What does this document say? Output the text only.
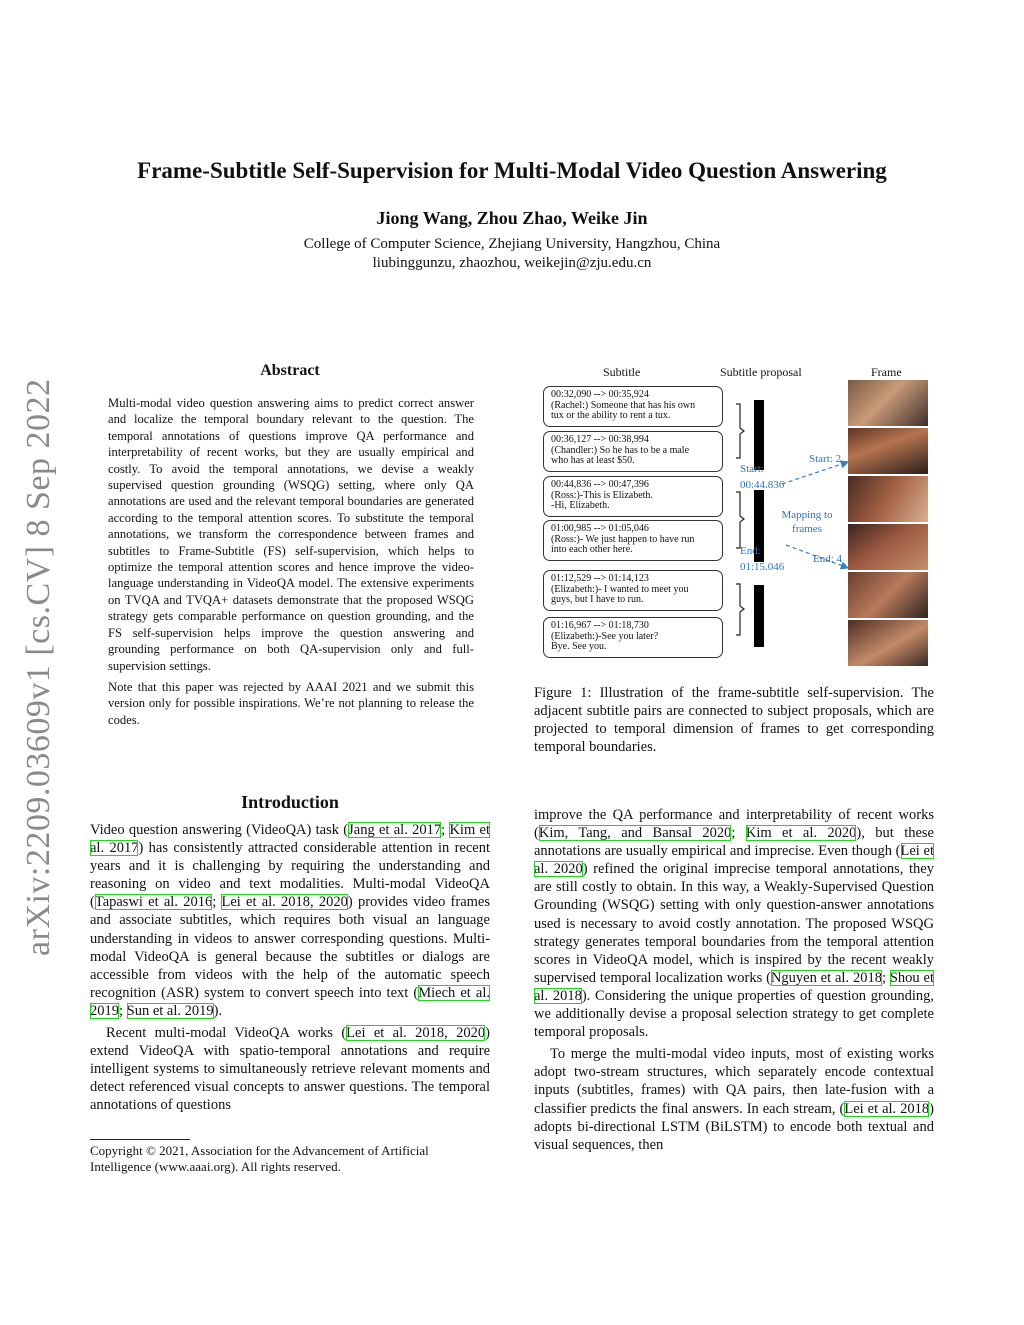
arXiv:2209.03609v1 [cs.CV] 8 Sep 2022
Frame-Subtitle Self-Supervision for Multi-Modal Video Question Answering
Jiong Wang, Zhou Zhao, Weike Jin
College of Computer Science, Zhejiang University, Hangzhou, China
liubinggunzu, zhaozhou, weikejin@zju.edu.cn
Abstract

Multi-modal video question answering aims to predict correct answer and localize the temporal boundary relevant to the question. The temporal annotations of questions improve QA performance and interpretability of recent works, but they are usually empirical and costly. To avoid the temporal annotations, we devise a weakly supervised question grounding (WSQG) setting, where only QA annotations are used and the relevant temporal boundaries are generated according to the temporal attention scores. To substitute the temporal annotations, we transform the correspondence between frames and subtitles to Frame-Subtitle (FS) self-supervision, which helps to optimize the temporal attention scores and hence improve the video-language understanding in VideoQA model. The extensive experiments on TVQA and TVQA+ datasets demonstrate that the proposed WSQG strategy gets comparable performance on question grounding, and the FS self-supervision helps improve the question answering and grounding performance on both QA-supervision only and full-supervision settings.

Note that this paper was rejected by AAAI 2021 and we submit this version only for possible inspirations. We’re not planning to release the codes.

Subtitle	Subtitle proposal	Frame
00:32,090 --> 00:35,924
(Rachel:) Someone that has his own
tux or the ability to rent a tux.
00:36,127 --> 00:38,994
(Chandler:) So he has to be a male
who has at least $50.
00:44,836 --> 00:47,396
(Ross:)-This is Elizabeth.
-Hi, Elizabeth.
01:00,985 --> 01:05,046
(Ross:)- We just happen to have run
into each other here.
01:12,529 --> 01:14,123
(Elizabeth:)- I wanted to meet you
guys, but I have to run.
01:16,967 --> 01:18,730
(Elizabeth:)-See you later?
Bye. See you.
Start:
00:44.836
End:
01:15.046
Mapping to
frames
Start: 2
End: 4
Figure 1: Illustration of the frame-subtitle self-supervision. The adjacent subtitle pairs are connected to subject proposals, which are projected to temporal dimension of frames to get corresponding temporal boundaries.
Introduction

Video question answering (VideoQA) task (Jang et al. 2017; Kim et al. 2017) has consistently attracted considerable attention in recent years and it is challenging by requiring the understanding and reasoning on video and text modalities. Multi-modal VideoQA (Tapaswi et al. 2016; Lei et al. 2018, 2020) provides video frames and associate subtitles, which requires both visual an language understanding in videos to answer corresponding questions. Multi-modal VideoQA is general because the subtitles or dialogs are accessible from videos with the help of the automatic speech recognition (ASR) system to convert speech into text (Miech et al. 2019; Sun et al. 2019).

Recent multi-modal VideoQA works (Lei et al. 2018, 2020) extend VideoQA with spatio-temporal annotations and require intelligent systems to simultaneously retrieve relevant moments and detect referenced visual concepts to answer questions. The temporal annotations of questions

Copyright © 2021, Association for the Advancement of Artificial Intelligence (www.aaai.org). All rights reserved.

improve the QA performance and interpretability of recent works (Kim, Tang, and Bansal 2020; Kim et al. 2020), but these annotations are usually empirical and imprecise. Even though (Lei et al. 2020) refined the original imprecise temporal annotations, they are still costly to obtain. In this way, a Weakly-Supervised Question Grounding (WSQG) setting with only question-answer annotations used is necessary to avoid costly annotation. The proposed WSQG strategy generates temporal boundaries from the temporal attention scores in VideoQA model, which is inspired by the recent weakly supervised temporal localization works (Nguyen et al. 2018; Shou et al. 2018). Considering the unique properties of question grounding, we additionally devise a proposal selection strategy to get complete temporal proposals.

To merge the multi-modal video inputs, most of existing works adopt two-stream structures, which separately encode contextual inputs (subtitles, frames) with QA pairs, then late-fusion with a classifier predicts the final answers. In each stream, (Lei et al. 2018) adopts bi-directional LSTM (BiLSTM) to encode both textual and visual sequences, then
